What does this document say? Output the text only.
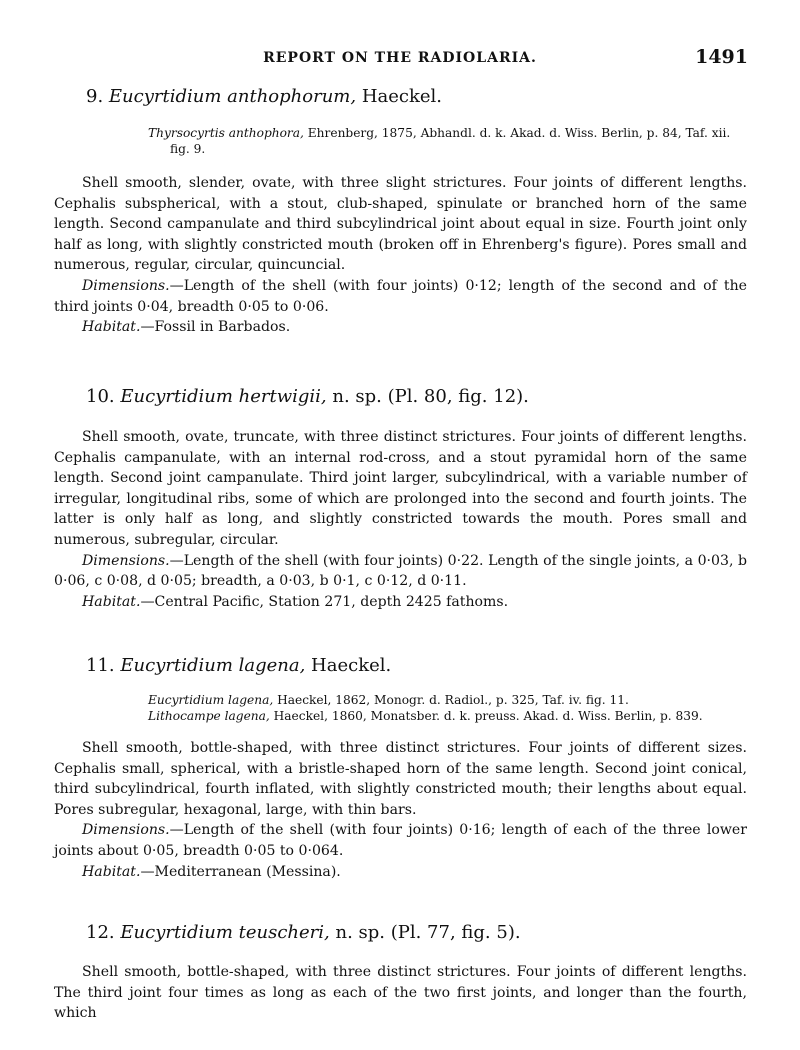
REPORT ON THE RADIOLARIA.	1491
9. Eucyrtidium anthophorum, Haeckel.

Thyrsocyrtis anthophora, Ehrenberg, 1875, Abhandl. d. k. Akad. d. Wiss. Berlin, p. 84, Taf. xii. fig. 9.

Shell smooth, slender, ovate, with three slight strictures. Four joints of different lengths. Cephalis subspherical, with a stout, club-shaped, spinulate or branched horn of the same length. Second campanulate and third subcylindrical joint about equal in size. Fourth joint only half as long, with slightly constricted mouth (broken off in Ehrenberg's figure). Pores small and numerous, regular, circular, quincuncial.

Dimensions.—Length of the shell (with four joints) 0·12; length of the second and of the third joints 0·04, breadth 0·05 to 0·06.

Habitat.—Fossil in Barbados.

10. Eucyrtidium hertwigii, n. sp. (Pl. 80, fig. 12).

Shell smooth, ovate, truncate, with three distinct strictures. Four joints of different lengths. Cephalis campanulate, with an internal rod-cross, and a stout pyramidal horn of the same length. Second joint campanulate. Third joint larger, subcylindrical, with a variable number of irregular, longitudinal ribs, some of which are prolonged into the second and fourth joints. The latter is only half as long, and slightly constricted towards the mouth. Pores small and numerous, subregular, circular.

Dimensions.—Length of the shell (with four joints) 0·22. Length of the single joints, a 0·03, b 0·06, c 0·08, d 0·05; breadth, a 0·03, b 0·1, c 0·12, d 0·11.

Habitat.—Central Pacific, Station 271, depth 2425 fathoms.

11. Eucyrtidium lagena, Haeckel.

Eucyrtidium lagena, Haeckel, 1862, Monogr. d. Radiol., p. 325, Taf. iv. fig. 11.

Lithocampe lagena, Haeckel, 1860, Monatsber. d. k. preuss. Akad. d. Wiss. Berlin, p. 839.

Shell smooth, bottle-shaped, with three distinct strictures. Four joints of different sizes. Cephalis small, spherical, with a bristle-shaped horn of the same length. Second joint conical, third subcylindrical, fourth inflated, with slightly constricted mouth; their lengths about equal. Pores subregular, hexagonal, large, with thin bars.

Dimensions.—Length of the shell (with four joints) 0·16; length of each of the three lower joints about 0·05, breadth 0·05 to 0·064.

Habitat.—Mediterranean (Messina).

12. Eucyrtidium teuscheri, n. sp. (Pl. 77, fig. 5).

Shell smooth, bottle-shaped, with three distinct strictures. Four joints of different lengths. The third joint four times as long as each of the two first joints, and longer than the fourth, which
